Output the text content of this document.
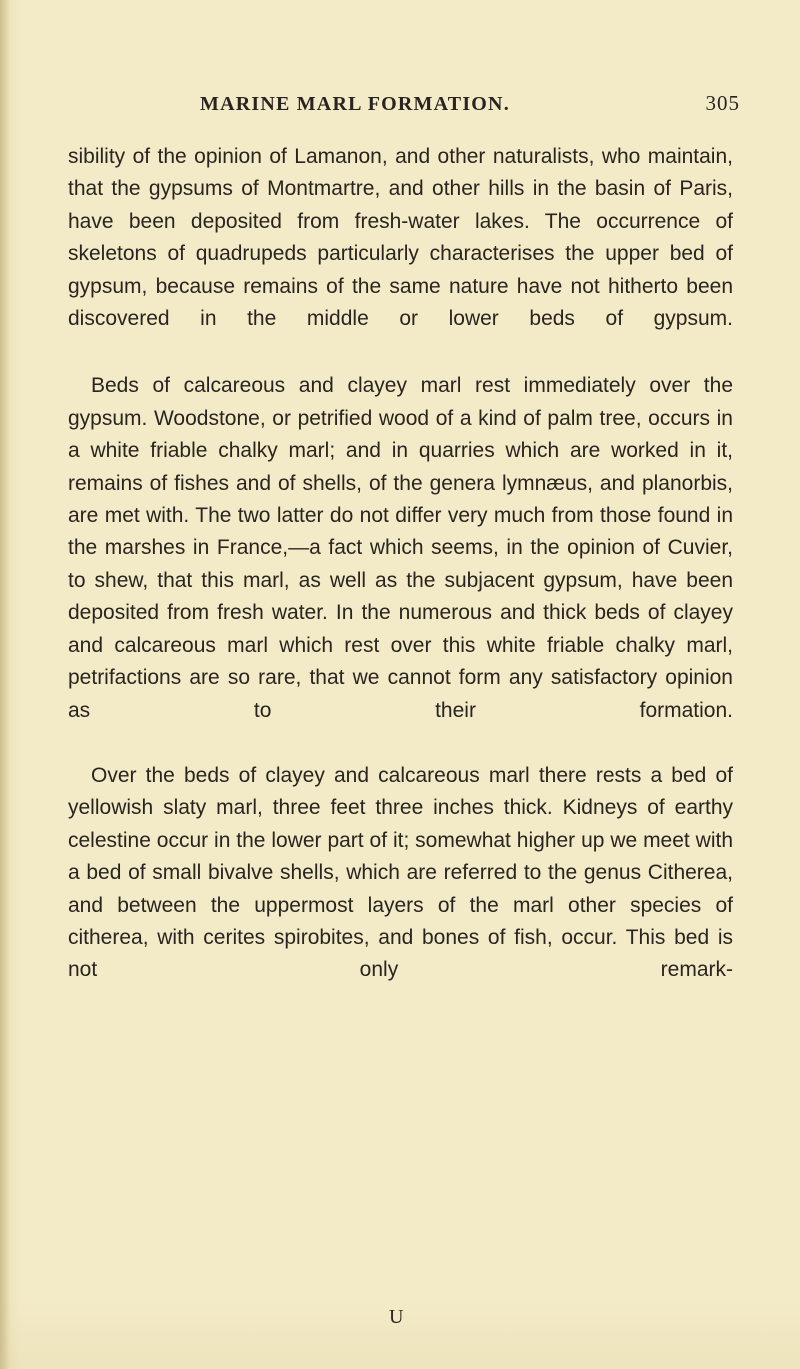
MARINE MARL FORMATION.	305

sibility of the opinion of Lamanon, and other naturalists, who maintain, that the gypsums of Montmartre, and other hills in the basin of Paris, have been deposited from fresh-water lakes. The occurrence of skeletons of quadrupeds particularly characterises the upper bed of gypsum, because remains of the same nature have not hitherto been discovered in the middle or lower beds of gypsum.

Beds of calcareous and clayey marl rest immediately over the gypsum. Woodstone, or petrified wood of a kind of palm tree, occurs in a white friable chalky marl; and in quarries which are worked in it, remains of fishes and of shells, of the genera lymnæus, and planorbis, are met with. The two latter do not differ very much from those found in the marshes in France,—a fact which seems, in the opinion of Cuvier, to shew, that this marl, as well as the subjacent gypsum, have been deposited from fresh water. In the numerous and thick beds of clayey and calcareous marl which rest over this white friable chalky marl, petrifactions are so rare, that we cannot form any satisfactory opinion as to their formation.

Over the beds of clayey and calcareous marl there rests a bed of yellowish slaty marl, three feet three inches thick. Kidneys of earthy celestine occur in the lower part of it; somewhat higher up we meet with a bed of small bivalve shells, which are referred to the genus Citherea, and between the uppermost layers of the marl other species of citherea, with cerites spirobites, and bones of fish, occur. This bed is not only remark-

U
